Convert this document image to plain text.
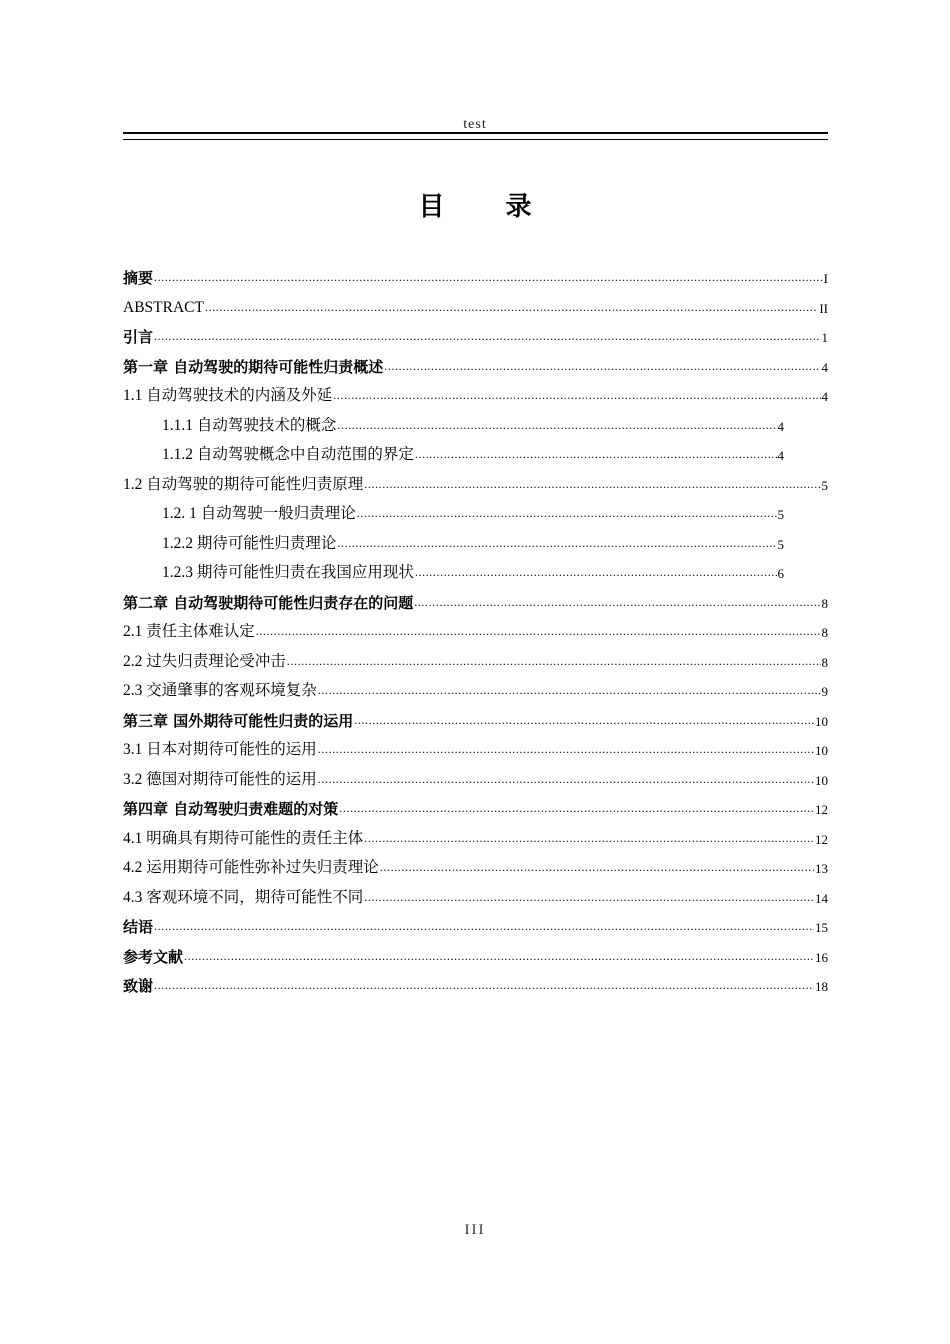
test
目 录
摘要 .....	I
ABSTRACT .....	II
引言 .....	1
第一章 自动驾驶的期待可能性归责概述 .....	4
1.1 自动驾驶技术的内涵及外延 .....	4
1.1.1 自动驾驶技术的概念 .....	4
1.1.2 自动驾驶概念中自动范围的界定 .....	4
1.2 自动驾驶的期待可能性归责原理 .....	5
1.2. 1 自动驾驶一般归责理论 .....	5
1.2.2 期待可能性归责理论 .....	5
1.2.3 期待可能性归责在我国应用现状 .....	6
第二章 自动驾驶期待可能性归责存在的问题 .....	8
2.1 责任主体难认定 .....	8
2.2 过失归责理论受冲击 .....	8
2.3 交通肇事的客观环境复杂 .....	9
第三章 国外期待可能性归责的运用 .....	10
3.1 日本对期待可能性的运用 .....	10
3.2 德国对期待可能性的运用 .....	10
第四章 自动驾驶归责难题的对策 .....	12
4.1 明确具有期待可能性的责任主体 .....	12
4.2 运用期待可能性弥补过失归责理论 .....	13
4.3 客观环境不同，期待可能性不同 .....	14
结语 .....	15
参考文献 .....	16
致谢 .....	18
III
